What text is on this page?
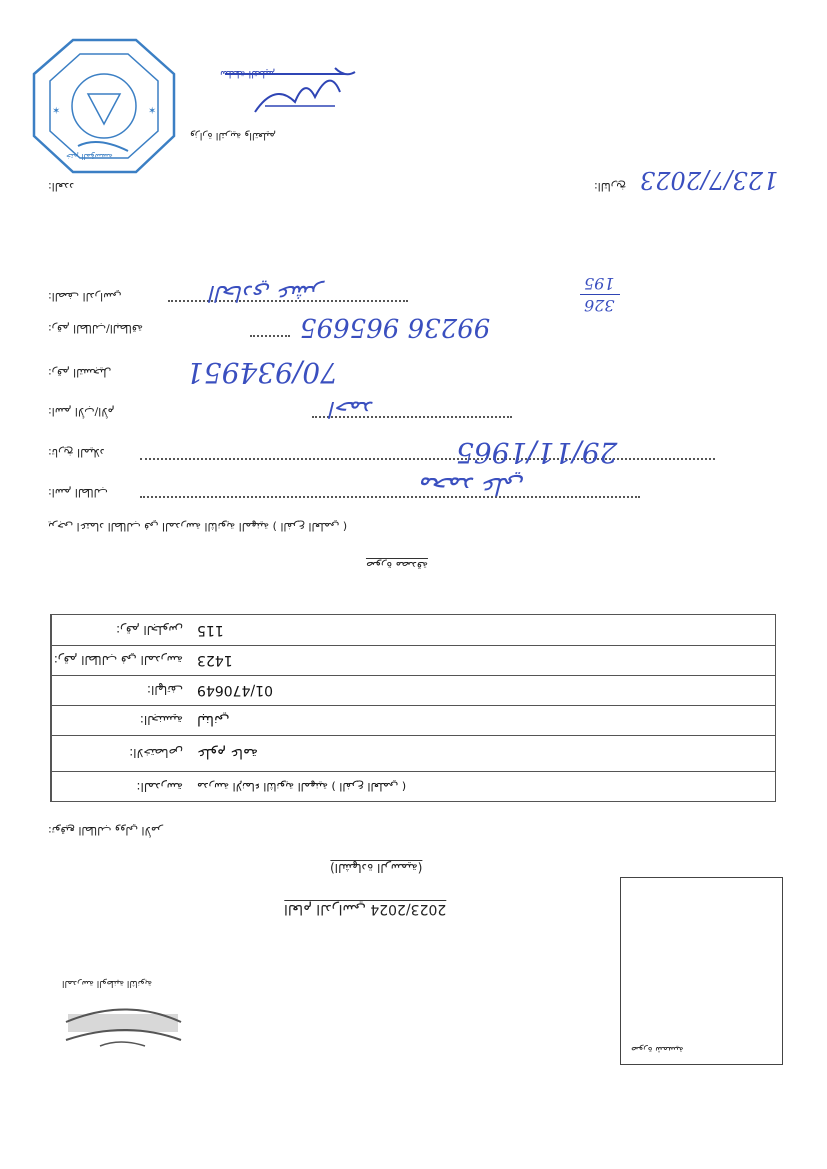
✶
✶
وزارة التربية والتعليم
العدد:	التاريخ:	123/7/2023
الصف الدراسي:	الحادي عشر	195
326
رقم الطالب/البطاقة:	99236 965695
رقم التسجيل:	70/934951
اسم الأب/الأم:	احمد
تاريخ الميلاد:	29/11/1965
اسم الطالب:	محمد علي
يرجى اعتماد الطالب في المدرسة الثانوية المهنية ( الفرع العلمي )
صورة مصدقة
رقم الجلوس:	115
رقم الطالب في المدرسة:	1423
الهاتف:	01/470649
الجنسية:	لبناني
الاختصاص:	علوم عامة
المدرسة:	مدرسة الإنماء الثانوية المهنية ( الفرع العلمي )
توقيع الطالب وولي الأمر:
(الشهادة الرسمية)
العام الدراسي 2023/2024
المدرسة الوطنية الثانوية
صورة شمسية
سلطة التعليم
ختم المؤسسة
